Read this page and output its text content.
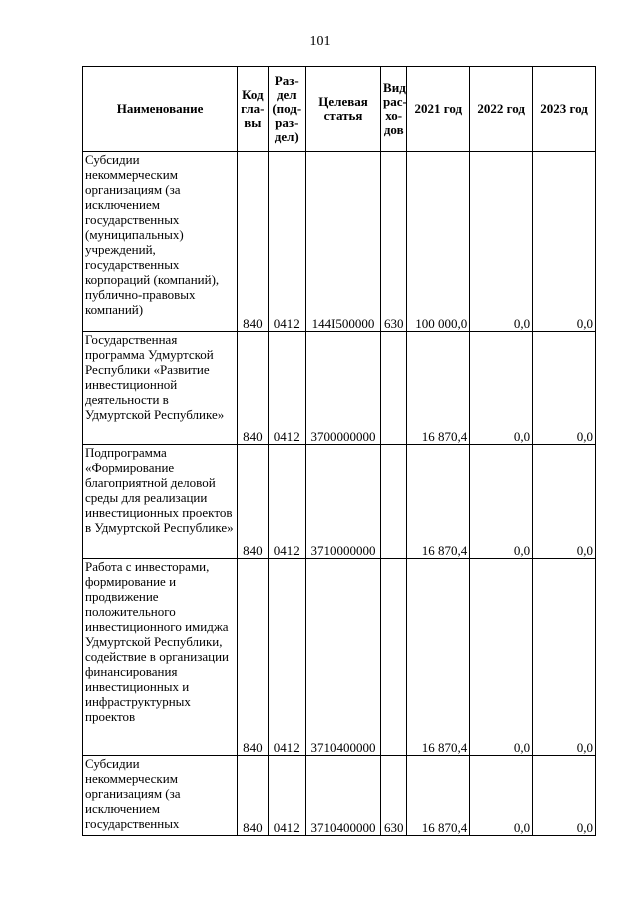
101
Наименование	Код гла-вы	Раз-дел (под-раз-дел)	Целевая статья	Вид рас-хо-дов	2021 год	2022 год	2023 год
Субсидии некоммерческим организациям (за исключением государственных (муниципальных) учреждений, государственных корпораций (компаний), публично-правовых компаний)	840	0412	144I500000	630	100 000,0	0,0	0,0
Государственная программа Удмуртской Республики «Развитие инвестиционной деятельности в Удмуртской Республике»	840	0412	3700000000		16 870,4	0,0	0,0
Подпрограмма «Формирование благоприятной деловой среды для реализации инвестиционных проектов в Удмуртской Республике»	840	0412	3710000000		16 870,4	0,0	0,0
Работа с инвесторами, формирование и продвижение положительного инвестиционного имиджа Удмуртской Республики, содействие в организации финансирования инвестиционных и инфраструктурных проектов	840	0412	3710400000		16 870,4	0,0	0,0

Субсидии некоммерческим организациям (за исключением государственных	840	0412	3710400000	630	16 870,4	0,0	0,0
